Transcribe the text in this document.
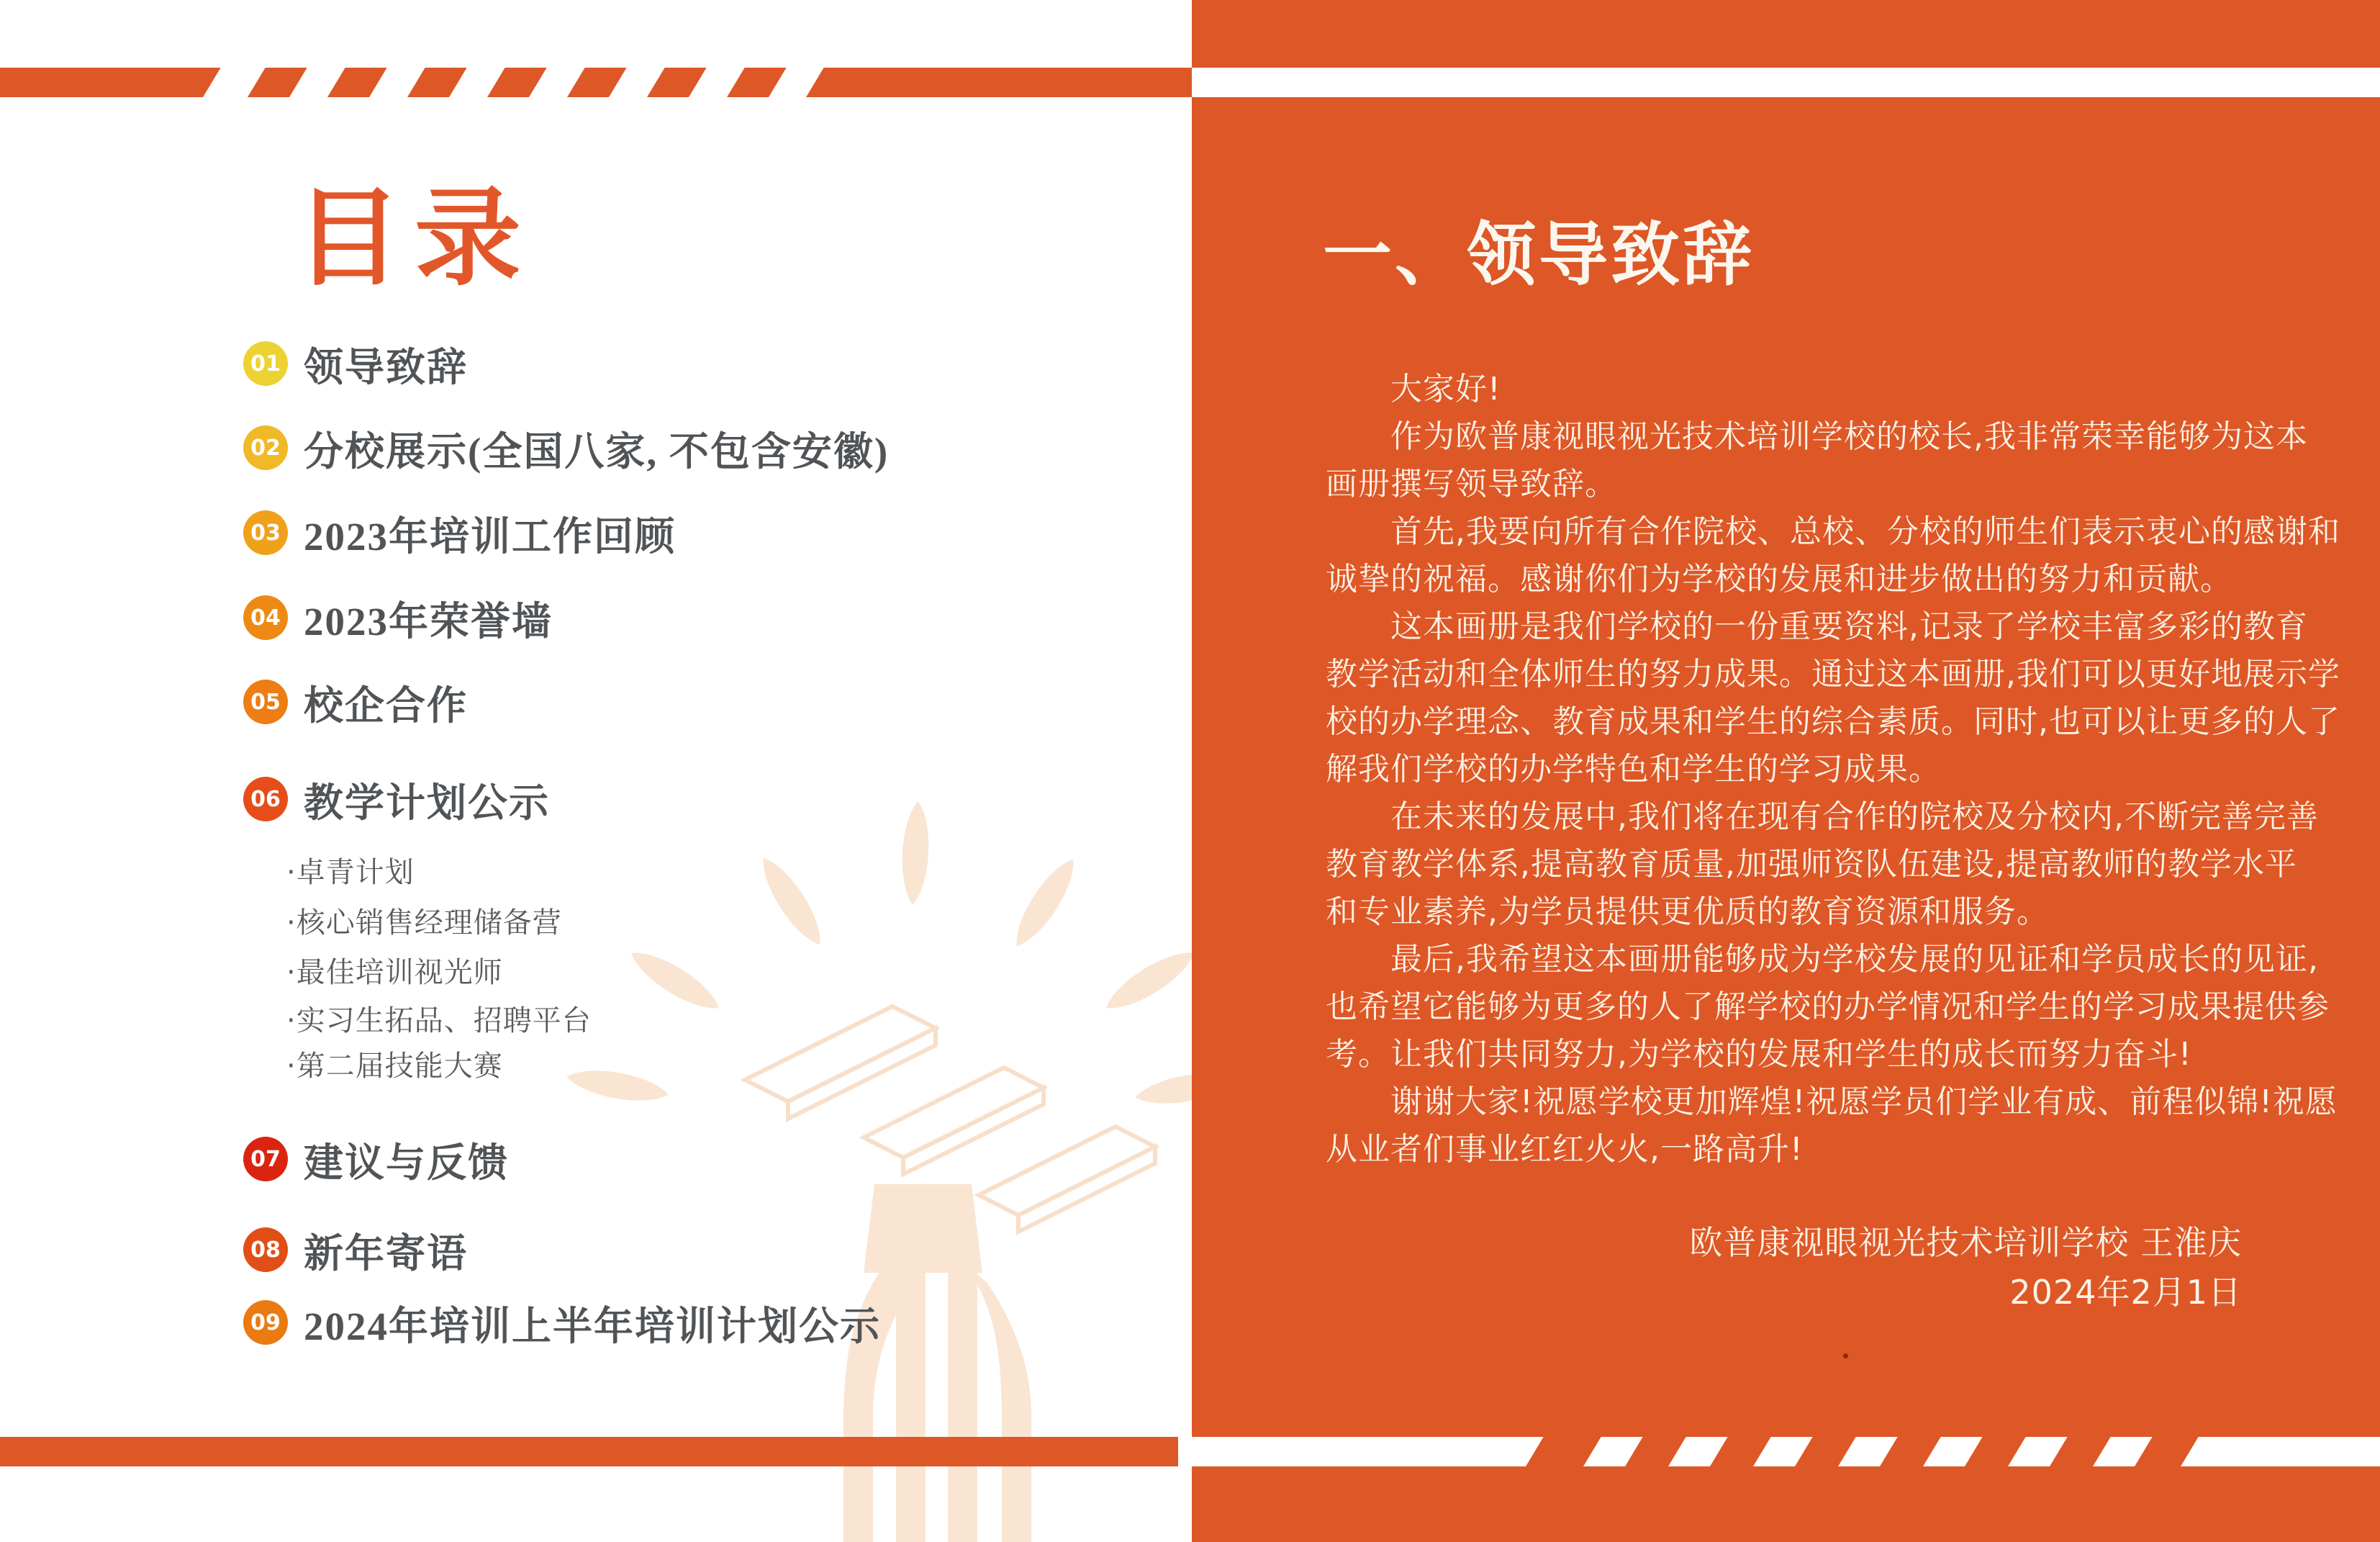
目录
01 领导致辞
02 分校展示(全国八家, 不包含安徽)
03 2023年培训工作回顾
04 2023年荣誉墙
05 校企合作
06 教学计划公示
·卓青计划
·核心销售经理储备营
·最佳培训视光师
·实习生拓品、招聘平台
·第二届技能大赛
07 建议与反馈
08 新年寄语
09 2024年培训上半年培训计划公示
一、领导致辞
大家好!
作为欧普康视眼视光技术培训学校的校长,我非常荣幸能够为这本
画册撰写领导致辞。
首先,我要向所有合作院校、总校、分校的师生们表示衷心的感谢和
诚挚的祝福。感谢你们为学校的发展和进步做出的努力和贡献。
这本画册是我们学校的一份重要资料,记录了学校丰富多彩的教育
教学活动和全体师生的努力成果。通过这本画册,我们可以更好地展示学
校的办学理念、教育成果和学生的综合素质。同时,也可以让更多的人了
解我们学校的办学特色和学生的学习成果。
在未来的发展中,我们将在现有合作的院校及分校内,不断完善完善
教育教学体系,提高教育质量,加强师资队伍建设,提高教师的教学水平
和专业素养,为学员提供更优质的教育资源和服务。
最后,我希望这本画册能够成为学校发展的见证和学员成长的见证,
也希望它能够为更多的人了解学校的办学情况和学生的学习成果提供参
考。让我们共同努力,为学校的发展和学生的成长而努力奋斗!
谢谢大家!祝愿学校更加辉煌!祝愿学员们学业有成、前程似锦!祝愿
从业者们事业红红火火,一路高升!
欧普康视眼视光技术培训学校 王淮庆
2024年2月1日
